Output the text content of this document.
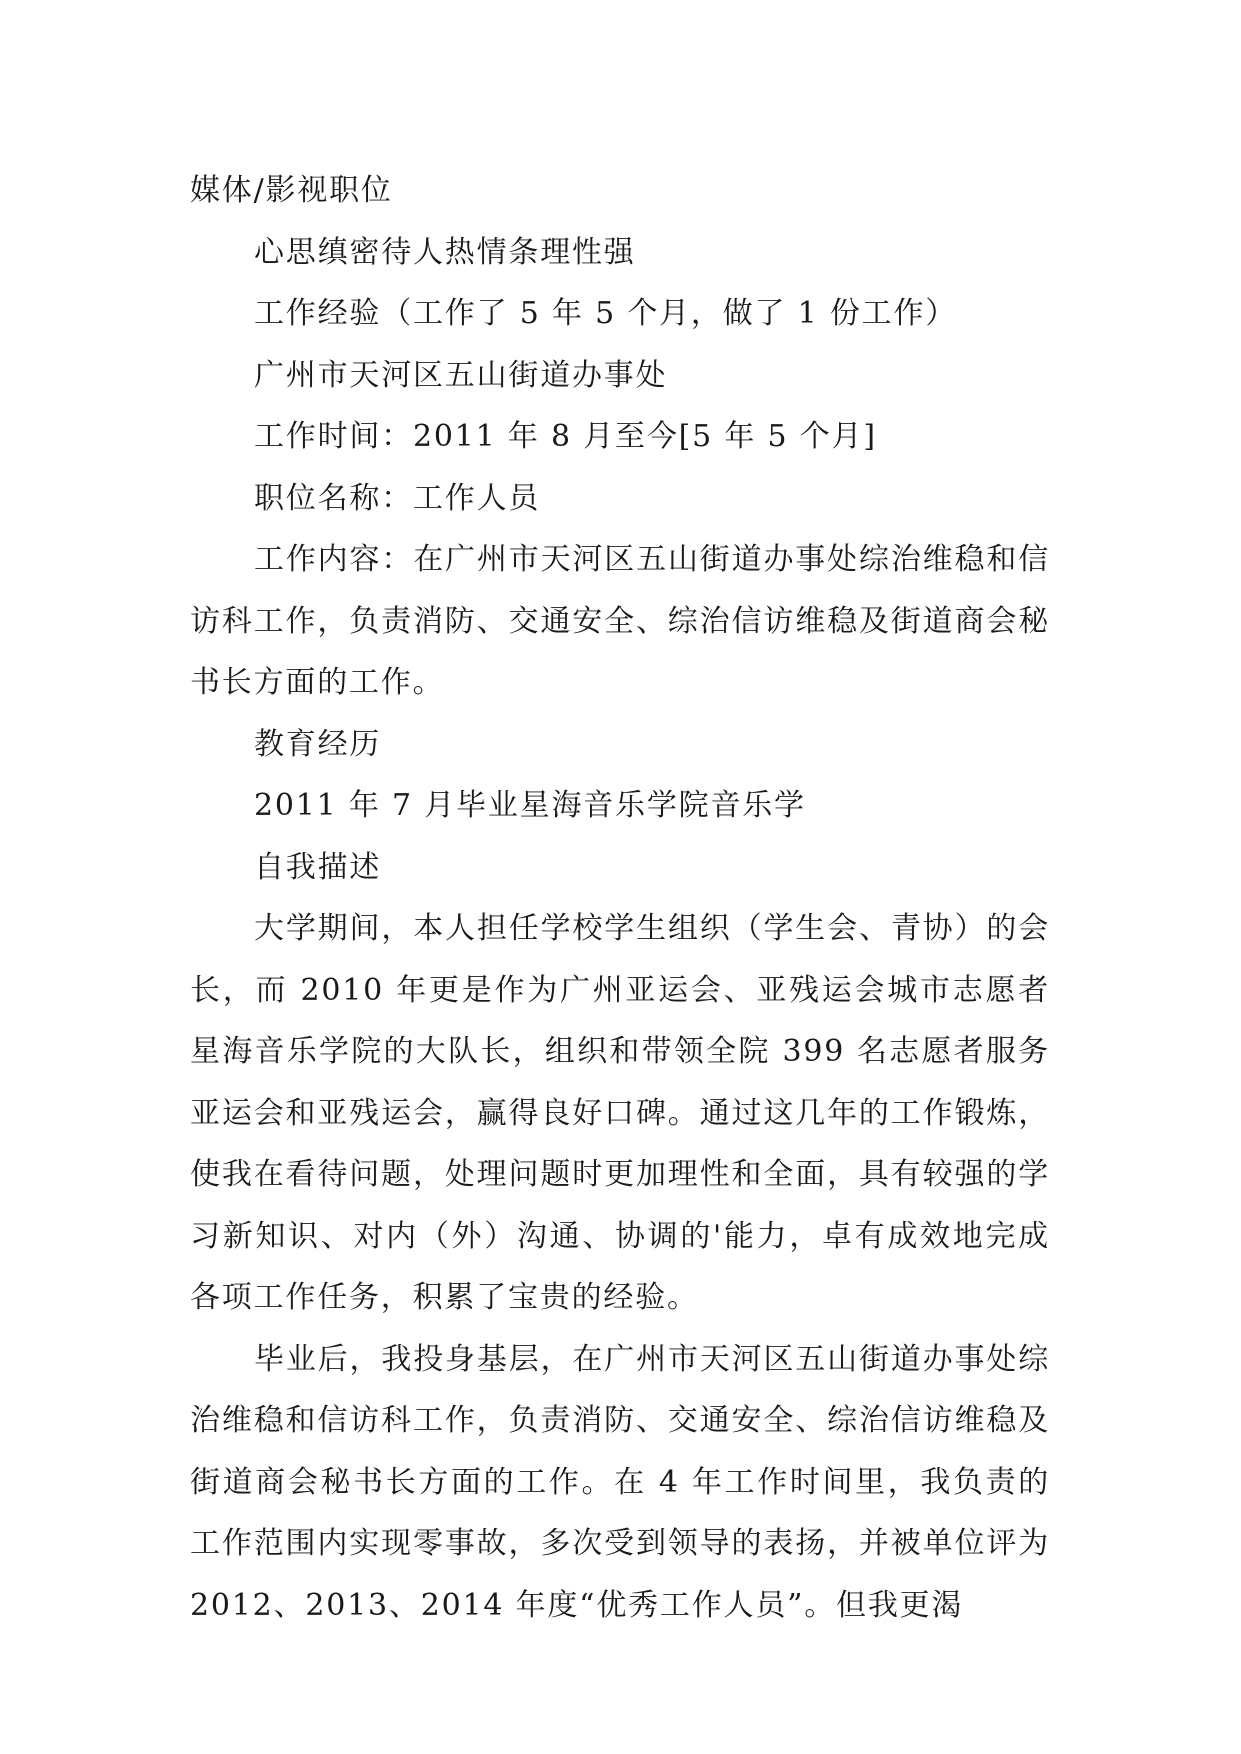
媒体/影视职位

心思缜密待人热情条理性强

工作经验（工作了 5 年 5 个月，做了 1 份工作）

广州市天河区五山街道办事处

工作时间：2011 年 8 月至今[5 年 5 个月]

职位名称：工作人员

工作内容：在广州市天河区五山街道办事处综治维稳和信访科工作，负责消防、交通安全、综治信访维稳及街道商会秘书长方面的工作。

教育经历

2011 年 7 月毕业星海音乐学院音乐学

自我描述

大学期间，本人担任学校学生组织（学生会、青协）的会长，而 2010 年更是作为广州亚运会、亚残运会城市志愿者星海音乐学院的大队长，组织和带领全院 399 名志愿者服务亚运会和亚残运会，赢得良好口碑。通过这几年的工作锻炼，使我在看待问题，处理问题时更加理性和全面，具有较强的学习新知识、对内（外）沟通、协调的'能力，卓有成效地完成各项工作任务，积累了宝贵的经验。

毕业后，我投身基层，在广州市天河区五山街道办事处综治维稳和信访科工作，负责消防、交通安全、综治信访维稳及街道商会秘书长方面的工作。在 4 年工作时间里，我负责的工作范围内实现零事故，多次受到领导的表扬，并被单位评为 2012、2013、2014 年度“优秀工作人员”。但我更渴
